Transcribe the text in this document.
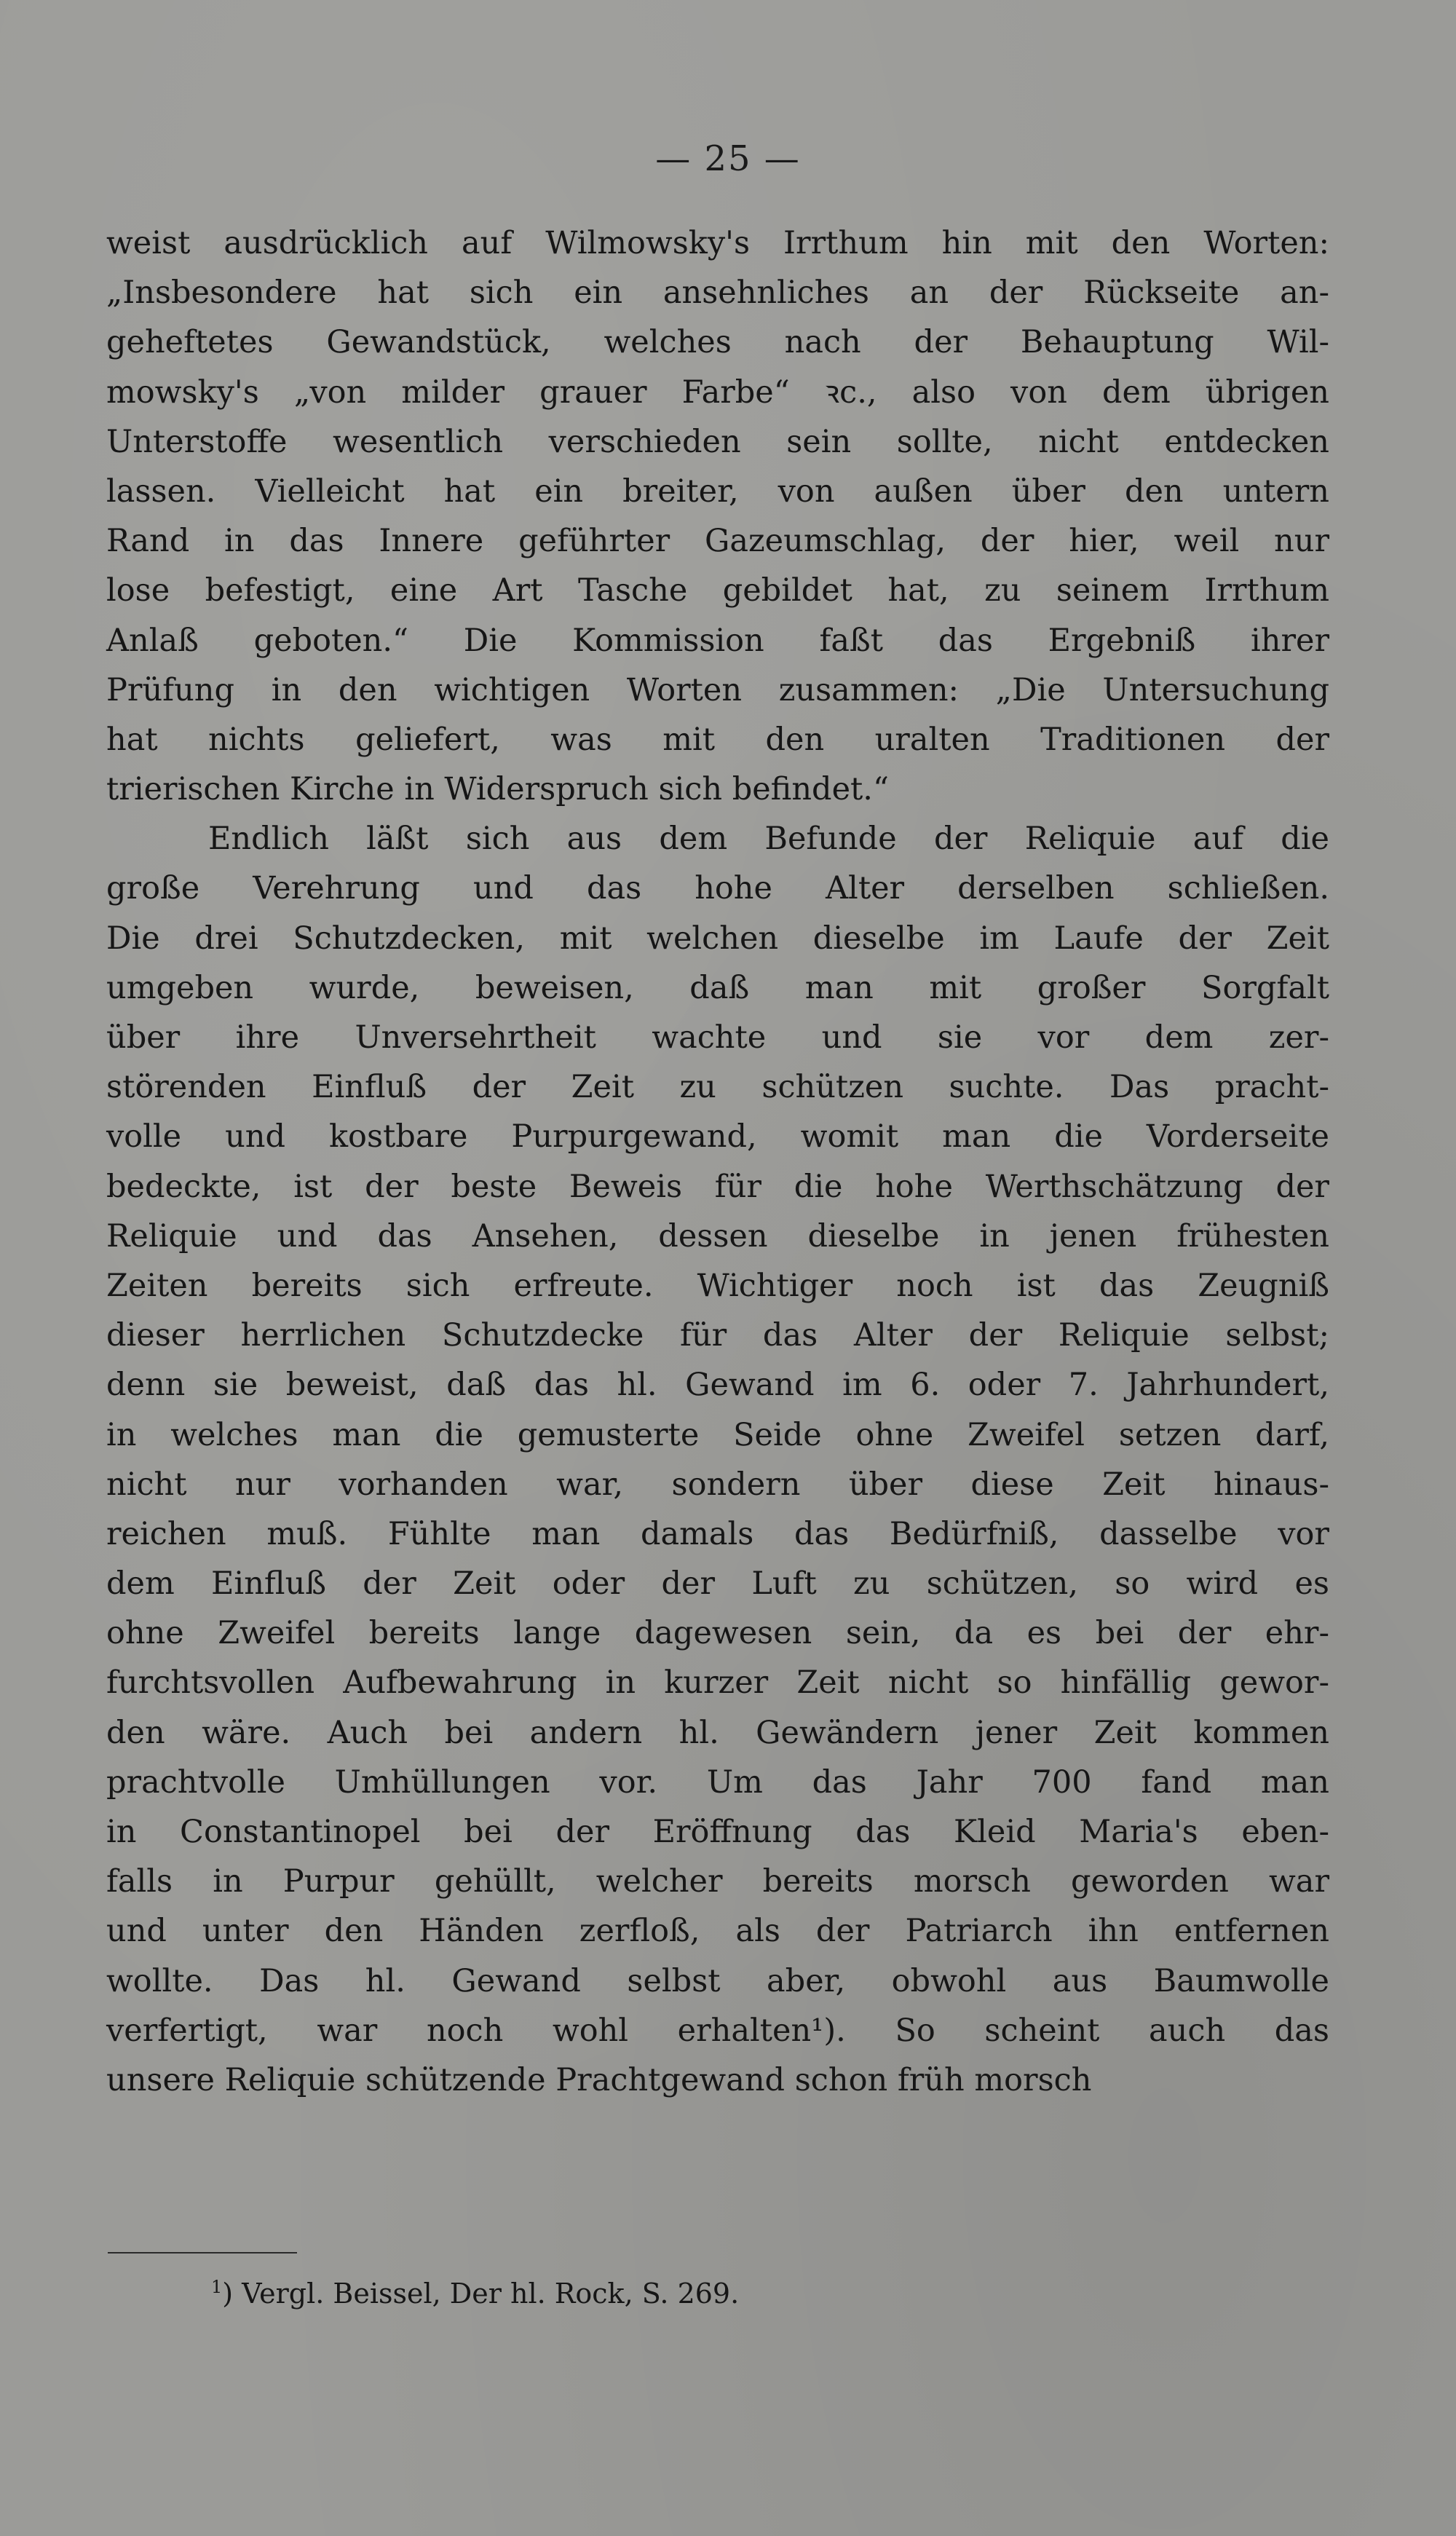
— 25 —
weist ausdrücklich auf Wilmowsky's Irrthum hin mit den Worten:
„Insbesondere hat sich ein ansehnliches an der Rückseite an-
geheftetes Gewandstück, welches nach der Behauptung Wil-
mowsky's „von milder grauer Farbe“ ꝛc., also von dem übrigen
Unterstoffe wesentlich verschieden sein sollte, nicht entdecken
lassen. Vielleicht hat ein breiter, von außen über den untern
Rand in das Innere geführter Gazeumschlag, der hier, weil nur
lose befestigt, eine Art Tasche gebildet hat, zu seinem Irrthum
Anlaß geboten.“ Die Kommission faßt das Ergebniß ihrer
Prüfung in den wichtigen Worten zusammen: „Die Untersuchung
hat nichts geliefert, was mit den uralten Traditionen der
trierischen Kirche in Widerspruch sich befindet.“
Endlich läßt sich aus dem Befunde der Reliquie auf die
große Verehrung und das hohe Alter derselben schließen.
Die drei Schutzdecken, mit welchen dieselbe im Laufe der Zeit
umgeben wurde, beweisen, daß man mit großer Sorgfalt
über ihre Unversehrtheit wachte und sie vor dem zer-
störenden Einfluß der Zeit zu schützen suchte. Das pracht-
volle und kostbare Purpurgewand, womit man die Vorderseite
bedeckte, ist der beste Beweis für die hohe Werthschätzung der
Reliquie und das Ansehen, dessen dieselbe in jenen frühesten
Zeiten bereits sich erfreute. Wichtiger noch ist das Zeugniß
dieser herrlichen Schutzdecke für das Alter der Reliquie selbst;
denn sie beweist, daß das hl. Gewand im 6. oder 7. Jahrhundert,
in welches man die gemusterte Seide ohne Zweifel setzen darf,
nicht nur vorhanden war, sondern über diese Zeit hinaus-
reichen muß. Fühlte man damals das Bedürfniß, dasselbe vor
dem Einfluß der Zeit oder der Luft zu schützen, so wird es
ohne Zweifel bereits lange dagewesen sein, da es bei der ehr-
furchtsvollen Aufbewahrung in kurzer Zeit nicht so hinfällig gewor-
den wäre. Auch bei andern hl. Gewändern jener Zeit kommen
prachtvolle Umhüllungen vor. Um das Jahr 700 fand man
in Constantinopel bei der Eröffnung das Kleid Maria's eben-
falls in Purpur gehüllt, welcher bereits morsch geworden war
und unter den Händen zerfloß, als der Patriarch ihn entfernen
wollte. Das hl. Gewand selbst aber, obwohl aus Baumwolle
verfertigt, war noch wohl erhalten¹). So scheint auch das
unsere Reliquie schützende Prachtgewand schon früh morsch
$^1$) Vergl. Beissel, Der hl. Rock, S. 269.
